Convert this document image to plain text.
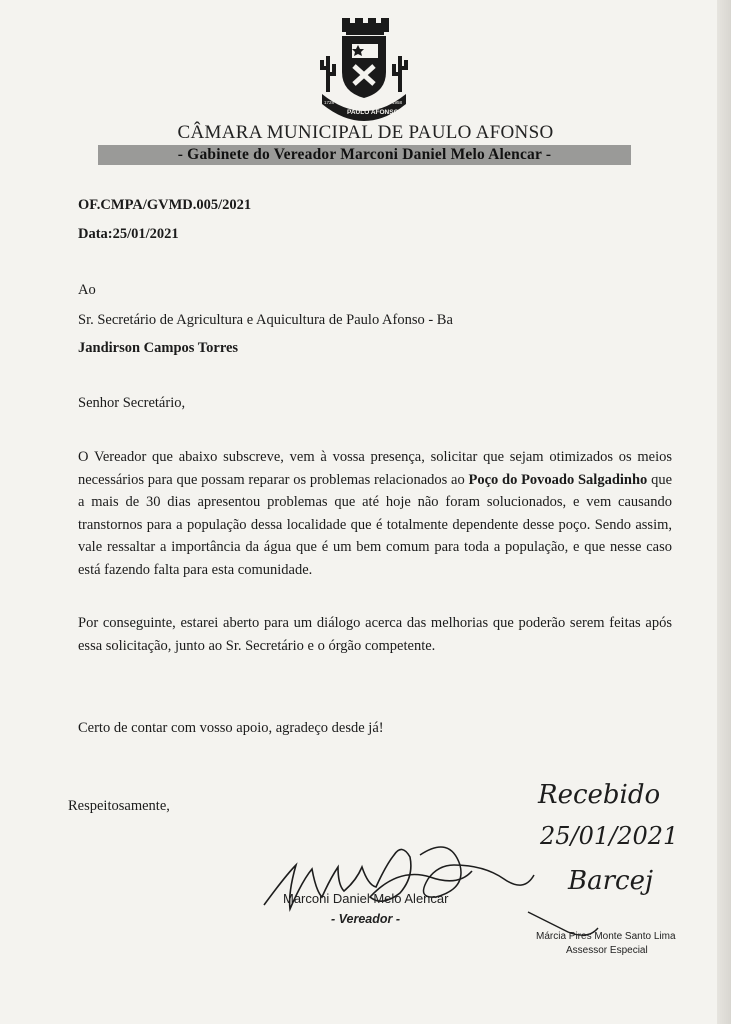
1728	1958
PAULO AFONSO
CÂMARA MUNICIPAL DE PAULO AFONSO
- Gabinete do Vereador Marconi Daniel Melo Alencar -
OF.CMPA/GVMD.005/2021
Data:25/01/2021
Ao
Sr. Secretário de Agricultura e Aquicultura de Paulo Afonso - Ba
Jandirson Campos Torres
Senhor Secretário,
O Vereador que abaixo subscreve, vem à vossa presença, solicitar que sejam otimizados os meios necessários para que possam reparar os problemas relacionados ao Poço do Povoado Salgadinho que a mais de 30 dias apresentou problemas que até hoje não foram solucionados, e vem causando transtornos para a população dessa localidade que é totalmente dependente desse poço. Sendo assim, vale ressaltar a importância da água que é um bem comum para toda a população, e que nesse caso está fazendo falta para esta comunidade.
Por conseguinte, estarei aberto para um diálogo acerca das melhorias que poderão serem feitas após essa solicitação, junto ao Sr. Secretário e o órgão competente.
Certo de contar com vosso apoio, agradeço desde já!
Respeitosamente,
Marconi Daniel Melo Alencar
- Vereador -
Recebido
25/01/2021
Barcej
Márcia Pires Monte Santo Lima
Assessor Especial
